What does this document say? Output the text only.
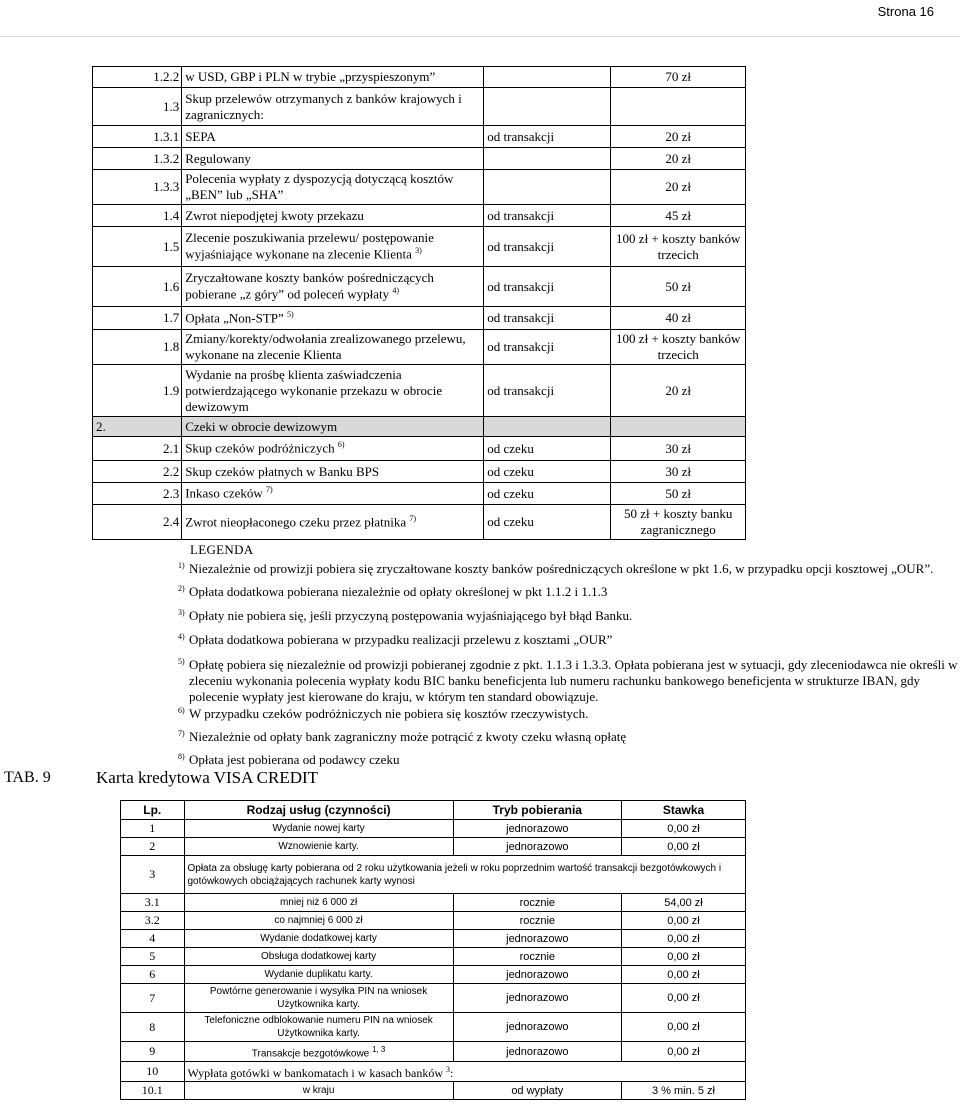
Strona 16
1.2.2	w USD, GBP i PLN w trybie „przyspieszonym”		70 zł
1.3	Skup przelewów otrzymanych z banków krajowych i zagranicznych:		
1.3.1	SEPA	od transakcji	20 zł
1.3.2	Regulowany		20 zł
1.3.3	Polecenia wypłaty z dyspozycją dotyczącą kosztów „BEN” lub „SHA”		20 zł
1.4	Zwrot niepodjętej kwoty przekazu	od transakcji	45 zł
1.5	Zlecenie poszukiwania przelewu/ postępowanie wyjaśniające wykonane na zlecenie Klienta $^{3)}$	od transakcji	100 zł + koszty banków trzecich
1.6	Zryczałtowane koszty banków pośredniczących pobierane „z góry” od poleceń wypłaty $^{4)}$	od transakcji	50 zł
1.7	Opłata „Non-STP” $^{5)}$	od transakcji	40 zł
1.8	Zmiany/korekty/odwołania zrealizowanego przelewu, wykonane na zlecenie Klienta	od transakcji	100 zł + koszty banków trzecich
1.9	Wydanie na prośbę klienta zaświadczenia potwierdzającego wykonanie przekazu w obrocie dewizowym	od transakcji	20 zł
2.	Czeki w obrocie dewizowym		
2.1	Skup czeków podróżniczych $^{6)}$	od czeku	30 zł
2.2	Skup czeków płatnych w Banku BPS	od czeku	30 zł
2.3	Inkaso czeków $^{7)}$	od czeku	50 zł
2.4	Zwrot nieopłaconego czeku przez płatnika $^{7)}$	od czeku	50 zł + koszty banku zagranicznego
LEGENDA
1) Niezależnie od prowizji pobiera się zryczałtowane koszty banków pośredniczących określone w pkt 1.6, w przypadku opcji kosztowej „OUR”.
2) Opłata dodatkowa pobierana niezależnie od opłaty określonej w pkt 1.1.2 i 1.1.3
3) Opłaty nie pobiera się, jeśli przyczyną postępowania wyjaśniającego był błąd Banku.
4) Opłata dodatkowa pobierana w przypadku realizacji przelewu z kosztami „OUR”
5) Opłatę pobiera się niezależnie od prowizji pobieranej zgodnie z pkt. 1.1.3 i 1.3.3. Opłata pobierana jest w sytuacji, gdy zleceniodawca nie określi w zleceniu wykonania polecenia wypłaty kodu BIC banku beneficjenta lub numeru rachunku bankowego beneficjenta w strukturze IBAN, gdy polecenie wypłaty jest kierowane do kraju, w którym ten standard obowiązuje.
6) W przypadku czeków podróżniczych nie pobiera się kosztów rzeczywistych.
7) Niezależnie od opłaty bank zagraniczny może potrącić z kwoty czeku własną opłatę
8) Opłata jest pobierana od podawcy czeku
TAB. 9	Karta kredytowa VISA CREDIT
Lp.	Rodzaj usług (czynności)	Tryb pobierania	Stawka
1	Wydanie nowej karty	jednorazowo	0,00 zł
2	Wznowienie karty.	jednorazowo	0,00 zł
3	Opłata za obsługę karty pobierana od 2 roku użytkowania jeżeli w roku poprzednim wartość transakcji bezgotówkowych i gotówkowych obciążających rachunek karty wynosi		
3.1	mniej niż 6 000 zł	rocznie	54,00 zł
3.2	co najmniej 6 000 zł	rocznie	0,00 zł
4	Wydanie dodatkowej karty	jednorazowo	0,00 zł
5	Obsługa dodatkowej karty	rocznie	0,00 zł
6	Wydanie duplikatu karty.	jednorazowo	0,00 zł
7	Powtórne generowanie i wysyłka PIN na wniosek Użytkownika karty.	jednorazowo	0,00 zł
8	Telefoniczne odblokowanie numeru PIN na wniosek Użytkownika karty.	jednorazowo	0,00 zł
9	Transakcje bezgotówkowe $^{1, 3}$	jednorazowo	0,00 zł
10	Wypłata gotówki w bankomatach i w kasach banków $^3$:		
10.1	w kraju	od wypłaty	3 % min. 5 zł
